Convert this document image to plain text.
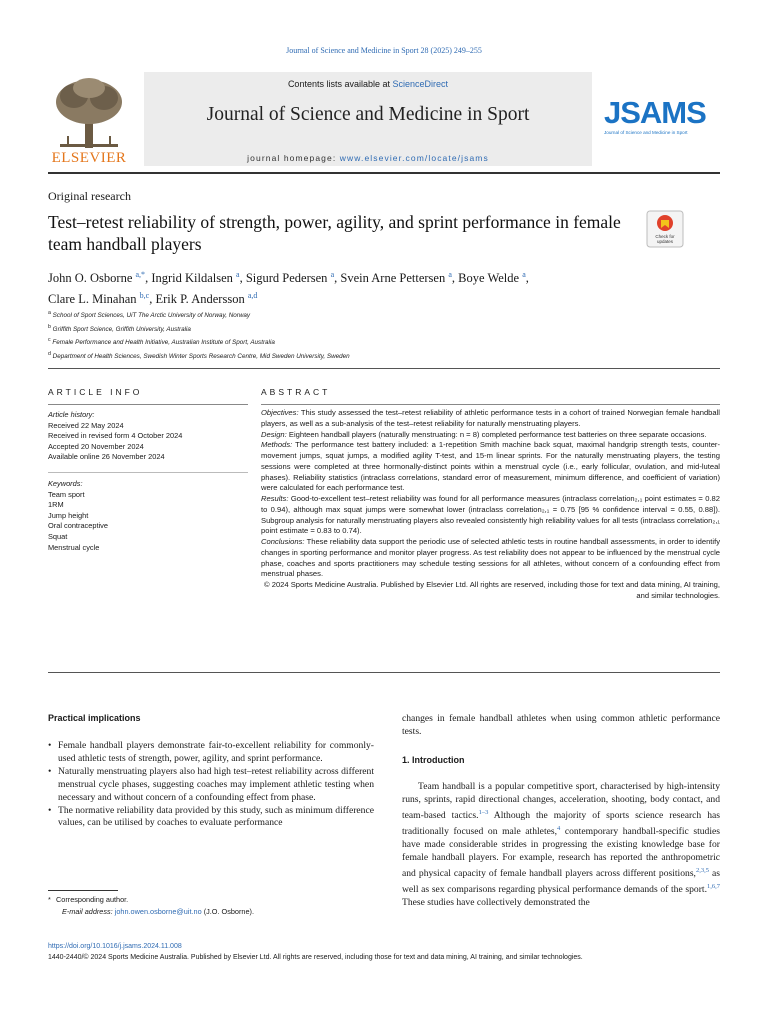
Journal of Science and Medicine in Sport 28 (2025) 249–255
ELSEVIER
Contents lists available at ScienceDirect
Journal of Science and Medicine in Sport
journal homepage: www.elsevier.com/locate/jsams
JSAMS
Journal of Science and Medicine in Sport
Original research
Test–retest reliability of strength, power, agility, and sprint performance in female team handball players	Check for updates
John O. Osborne $^{a,*}$, Ingrid Kildalsen $^a$, Sigurd Pedersen $^a$, Svein Arne Pettersen $^a$, Boye Welde $^a$,
Clare L. Minahan $^{b,c}$, Erik P. Andersson $^{a,d}$
$^a$ School of Sport Sciences, UiT The Arctic University of Norway, Norway
$^b$ Griffith Sport Science, Griffith University, Australia
$^c$ Female Performance and Health Initiative, Australian Institute of Sport, Australia
$^d$ Department of Health Sciences, Swedish Winter Sports Research Centre, Mid Sweden University, Sweden
ARTICLE INFO
Article history:
Received 22 May 2024
Received in revised form 4 October 2024
Accepted 20 November 2024
Available online 26 November 2024
Keywords:
Team sport
1RM
Jump height
Oral contraceptive
Squat
Menstrual cycle
ABSTRACT

Objectives: This study assessed the test–retest reliability of athletic performance tests in a cohort of trained Norwegian female handball players, as well as a sub-analysis of the test–retest reliability for naturally menstruating players.

Design: Eighteen handball players (naturally menstruating: n = 8) completed performance test batteries on three separate occasions.

Methods: The performance test battery included: a 1-repetition Smith machine back squat, maximal handgrip strength tests, counter-movement jumps, squat jumps, a modified agility T-test, and 15-m linear sprints. For the naturally menstruating players, the testing sessions were completed at three hormonally-distinct points within a menstrual cycle (i.e., early follicular, ovulation, and mid-luteal phases). Reliability statistics (intraclass correlations, standard error of measurement, minimum difference, and coefficient of variation) were calculated for each performance test.

Results: Good-to-excellent test–retest reliability was found for all performance measures (intraclass correlation₂,₁ point estimates = 0.82 to 0.94), although max squat jumps were somewhat lower (intraclass correlation₂,₁ = 0.75 [95 % confidence interval = 0.55, 0.88]). Subgroup analysis for naturally menstruating players also revealed consistently high reliability values for all tests (intraclass correlation₂,₁ point estimate = 0.83 to 0.74).

Conclusions: These reliability data support the periodic use of selected athletic tests in routine handball assessments, in order to identify changes in sporting performance and monitor player progress. As test reliability does not appear to be influenced by the menstrual cycle phase, coaches and sports practitioners may schedule testing sessions for all athletes, without concern of a confounding effect from menstrual phases.

© 2024 Sports Medicine Australia. Published by Elsevier Ltd. All rights are reserved, including those for text and data mining, AI training, and similar technologies.

Practical implications
• Female handball players demonstrate fair-to-excellent reliability for commonly-used athletic tests of strength, power, agility, and sprint performance.
• Naturally menstruating players also had high test–retest reliability across different menstrual cycle phases, suggesting coaches may implement athletic testing when necessary and without concern of a confounding effect from phase.
• The normative reliability data provided by this study, such as minimum difference values, can be utilised by coaches to evaluate performance
changes in female handball athletes when using common athletic performance tests.
1. Introduction
Team handball is a popular competitive sport, characterised by high-intensity runs, sprints, rapid directional changes, acceleration, shooting, body contact, and team-based tactics.$^{1-3}$ Although the majority of sports science research has traditionally focused on male athletes,$^4$ contemporary handball-specific studies have made considerable strides in progressing the existing knowledge base for female handball players. For example, research has reported the anthropometric and physical capacity of female handball players across different positions,$^{2,3,5}$ as well as sex comparisons regarding physical performance demands of the sport.$^{1,6,7}$ These studies have collectively demonstrated the
* Corresponding author.
E-mail address: john.owen.osborne@uit.no (J.O. Osborne).
https://doi.org/10.1016/j.jsams.2024.11.008
1440-2440/© 2024 Sports Medicine Australia. Published by Elsevier Ltd. All rights are reserved, including those for text and data mining, AI training, and similar technologies.
